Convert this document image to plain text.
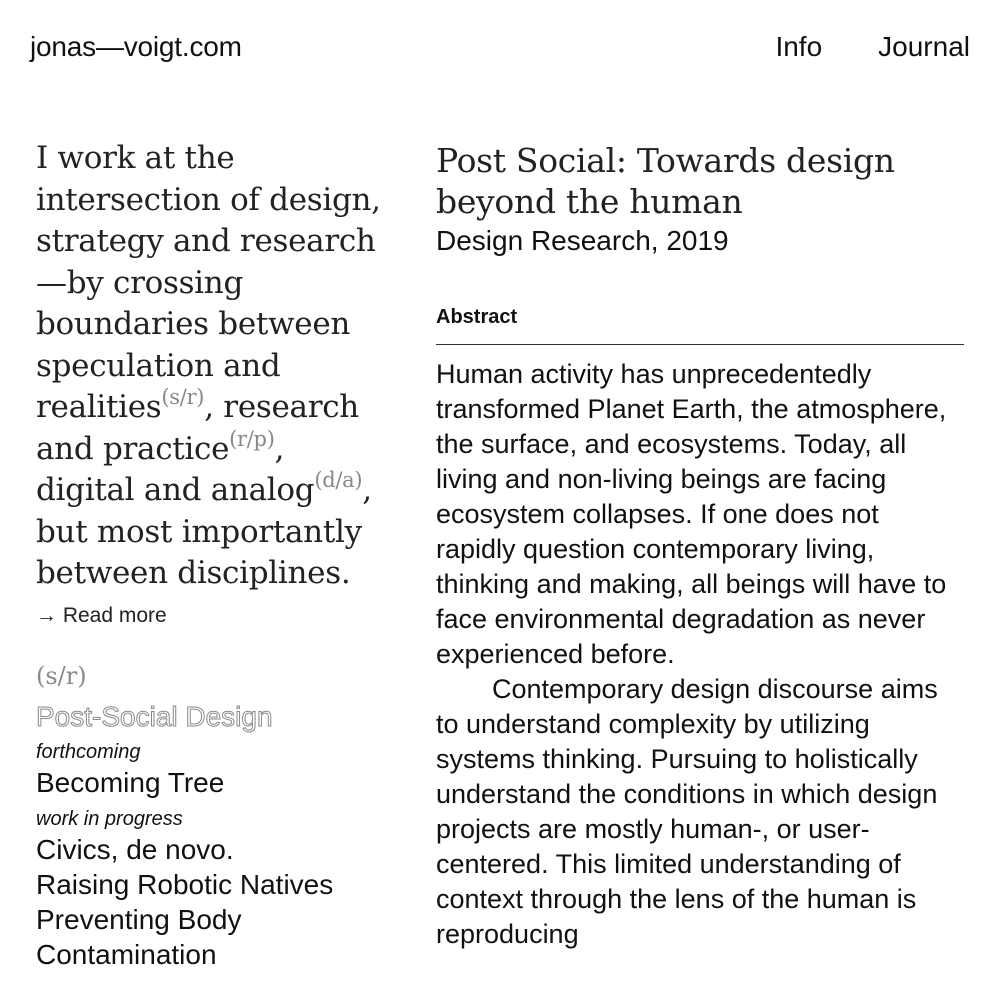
jonas—voigt.com	Info Journal

I work at the intersection of design, strategy and research —by crossing boundaries between speculation and realities$^{(s/r)}$, research and practice$^{(r/p)}$, digital and analog$^{(d/a)}$, but most importantly between disciplines.

→ Read more
(s/r)
Post-Social Design
forthcoming
Becoming Tree
work in progress
Civics, de novo.
Raising Robotic Natives
Preventing Body Contamination
Post Social: Towards design beyond the human
Design Research, 2019
Abstract

Human activity has unprecedentedly transformed Planet Earth, the atmosphere, the surface, and ecosystems. Today, all living and non-living beings are facing ecosystem collapses. If one does not rapidly question contemporary living, thinking and making, all beings will have to face environmental degradation as never experienced before.

Contemporary design discourse aims to understand complexity by utilizing systems thinking. Pursuing to holistically understand the conditions in which design projects are mostly human-, or user-centered. This limited understanding of context through the lens of the human is reproducing
